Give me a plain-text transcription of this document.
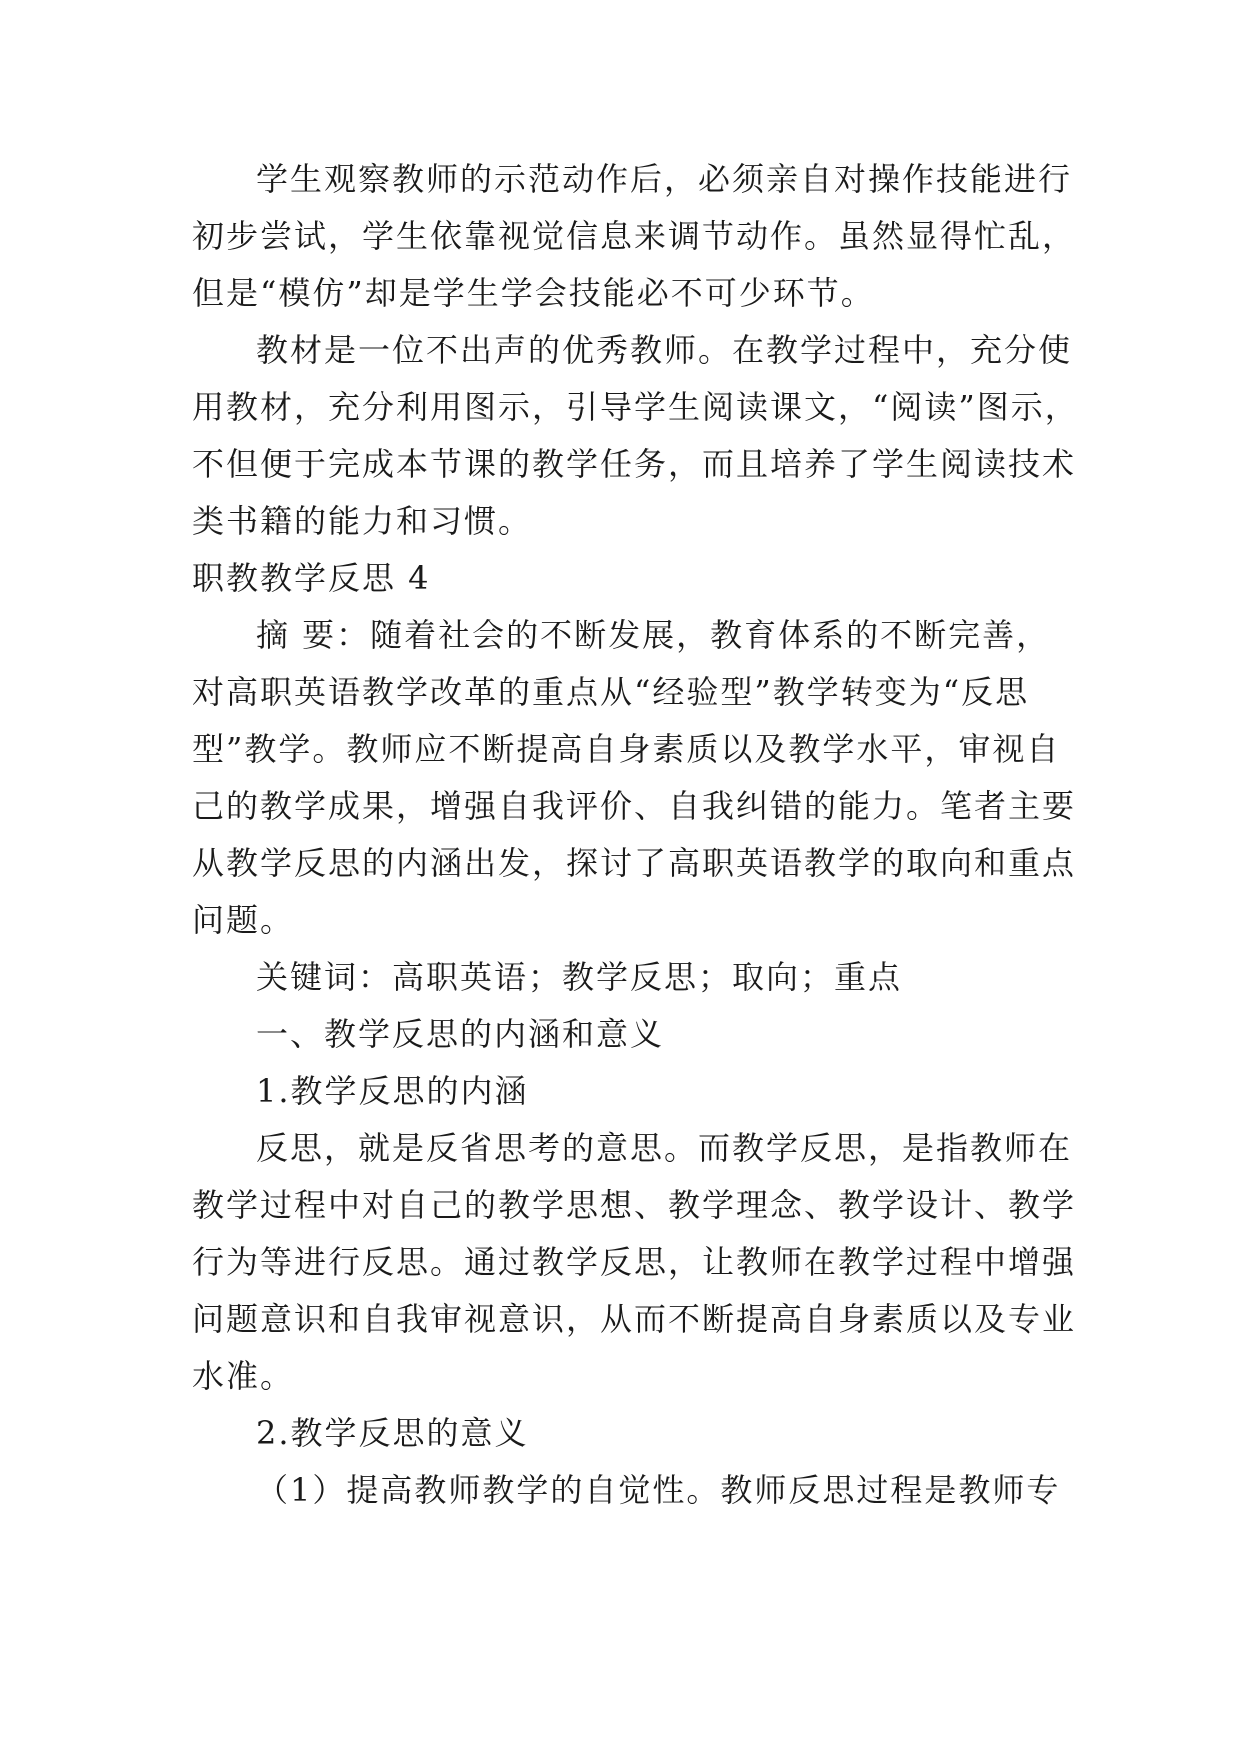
学生观察教师的示范动作后，必须亲自对操作技能进行
初步尝试，学生依靠视觉信息来调节动作。虽然显得忙乱，
但是“模仿”却是学生学会技能必不可少环节。
教材是一位不出声的优秀教师。在教学过程中，充分使
用教材，充分利用图示，引导学生阅读课文，“阅读”图示，
不但便于完成本节课的教学任务，而且培养了学生阅读技术
类书籍的能力和习惯。
职教教学反思 4
摘 要：随着社会的不断发展，教育体系的不断完善，
对高职英语教学改革的重点从“经验型”教学转变为“反思
型”教学。教师应不断提高自身素质以及教学水平，审视自
己的教学成果，增强自我评价、自我纠错的能力。笔者主要
从教学反思的内涵出发，探讨了高职英语教学的取向和重点
问题。
关键词：高职英语；教学反思；取向；重点
一、教学反思的内涵和意义
1.教学反思的内涵
反思，就是反省思考的意思。而教学反思，是指教师在
教学过程中对自己的教学思想、教学理念、教学设计、教学
行为等进行反思。通过教学反思，让教师在教学过程中增强
问题意识和自我审视意识，从而不断提高自身素质以及专业
水准。
2.教学反思的意义
（1）提高教师教学的自觉性。教师反思过程是教师专
